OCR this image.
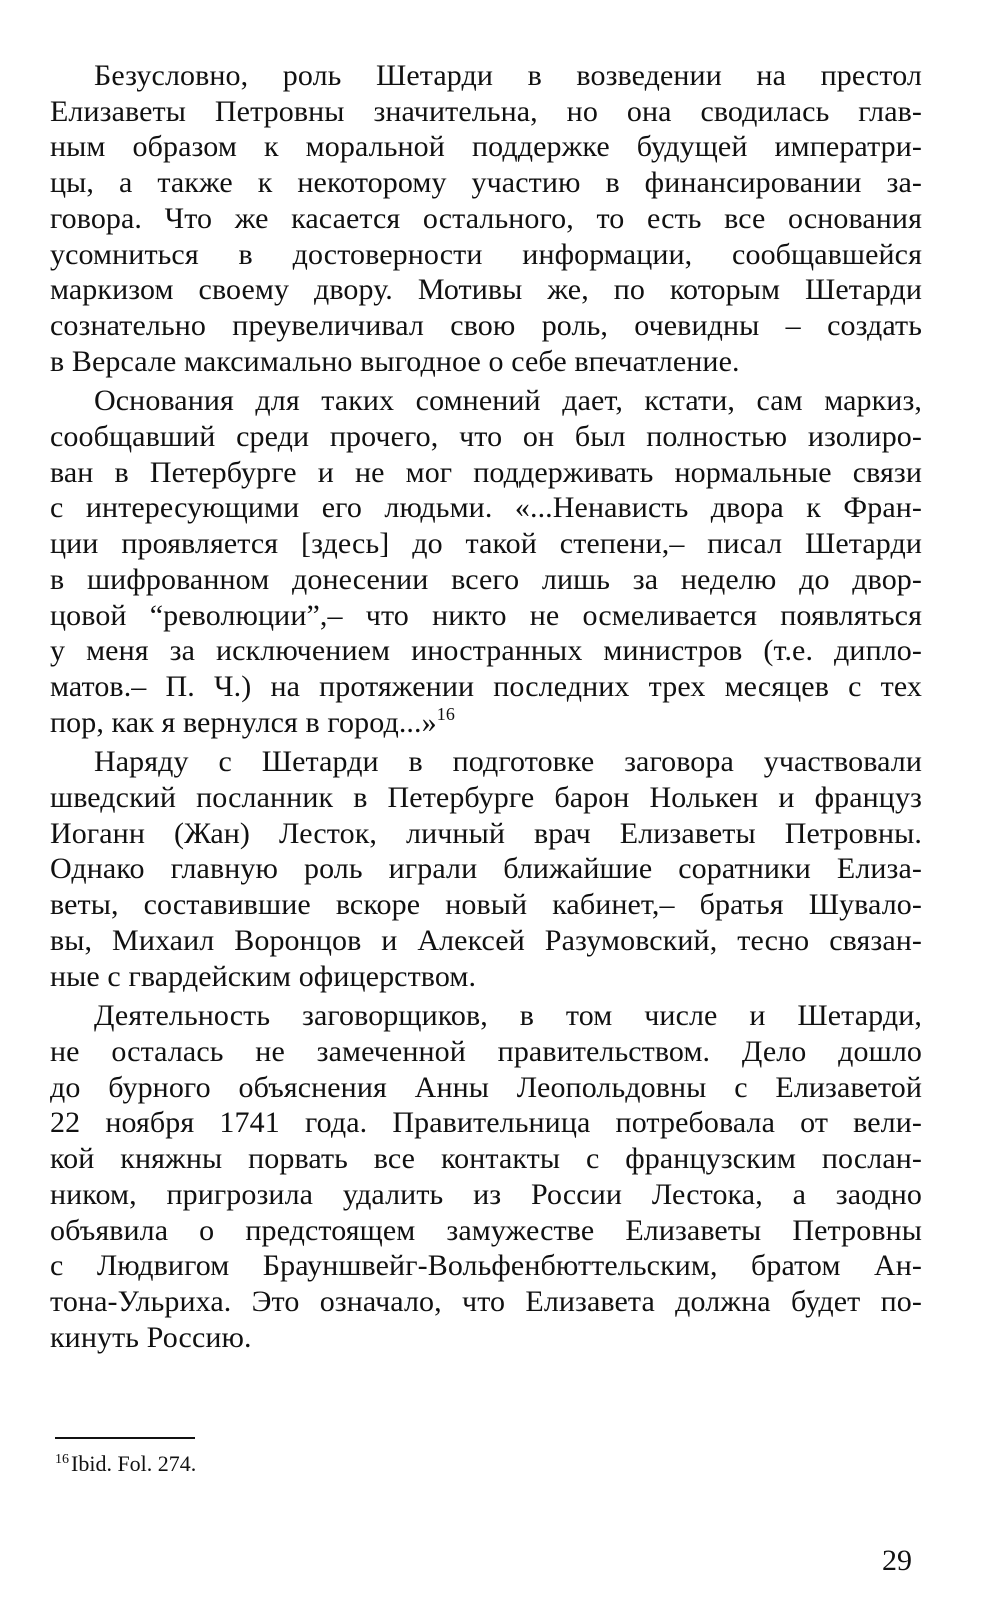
Безусловно, роль Шетарди в возведении на престол
Елизаветы Петровны значительна, но она сводилась глав-
ным образом к моральной поддержке будущей императри-
цы, а также к некоторому участию в финансировании за-
говора. Что же касается остального, то есть все основания
усомниться в достоверности информации, сообщавшейся
маркизом своему двору. Мотивы же, по которым Шетарди
сознательно преувеличивал свою роль, очевидны – создать
в Версале максимально выгодное о себе впечатление.
Основания для таких сомнений дает, кстати, сам маркиз,
сообщавший среди прочего, что он был полностью изолиро-
ван в Петербурге и не мог поддерживать нормальные связи
с интересующими его людьми. «...Ненависть двора к Фран-
ции проявляется [здесь] до такой степени,– писал Шетарди
в шифрованном донесении всего лишь за неделю до двор-
цовой “революции”,– что никто не осмеливается появляться
у меня за исключением иностранных министров (т.е. дипло-
матов.– П. Ч.) на протяжении последних трех месяцев с тех
пор, как я вернулся в город...»$^{16}$
Наряду с Шетарди в подготовке заговора участвовали
шведский посланник в Петербурге барон Нолькен и француз
Иоганн (Жан) Лесток, личный врач Елизаветы Петровны.
Однако главную роль играли ближайшие соратники Елиза-
веты, составившие вскоре новый кабинет,– братья Шувало-
вы, Михаил Воронцов и Алексей Разумовский, тесно связан-
ные с гвардейским офицерством.
Деятельность заговорщиков, в том числе и Шетарди,
не осталась не замеченной правительством. Дело дошло
до бурного объяснения Анны Леопольдовны с Елизаветой
22 ноября 1741 года. Правительница потребовала от вели-
кой княжны порвать все контакты с французским послан-
ником, пригрозила удалить из России Лестока, а заодно
объявила о предстоящем замужестве Елизаветы Петровны
с Людвигом Брауншвейг-Вольфенбюттельским, братом Ан-
тона-Ульриха. Это означало, что Елизавета должна будет по-
кинуть Россию.
$^{16}$Ibid. Fol. 274.
29
